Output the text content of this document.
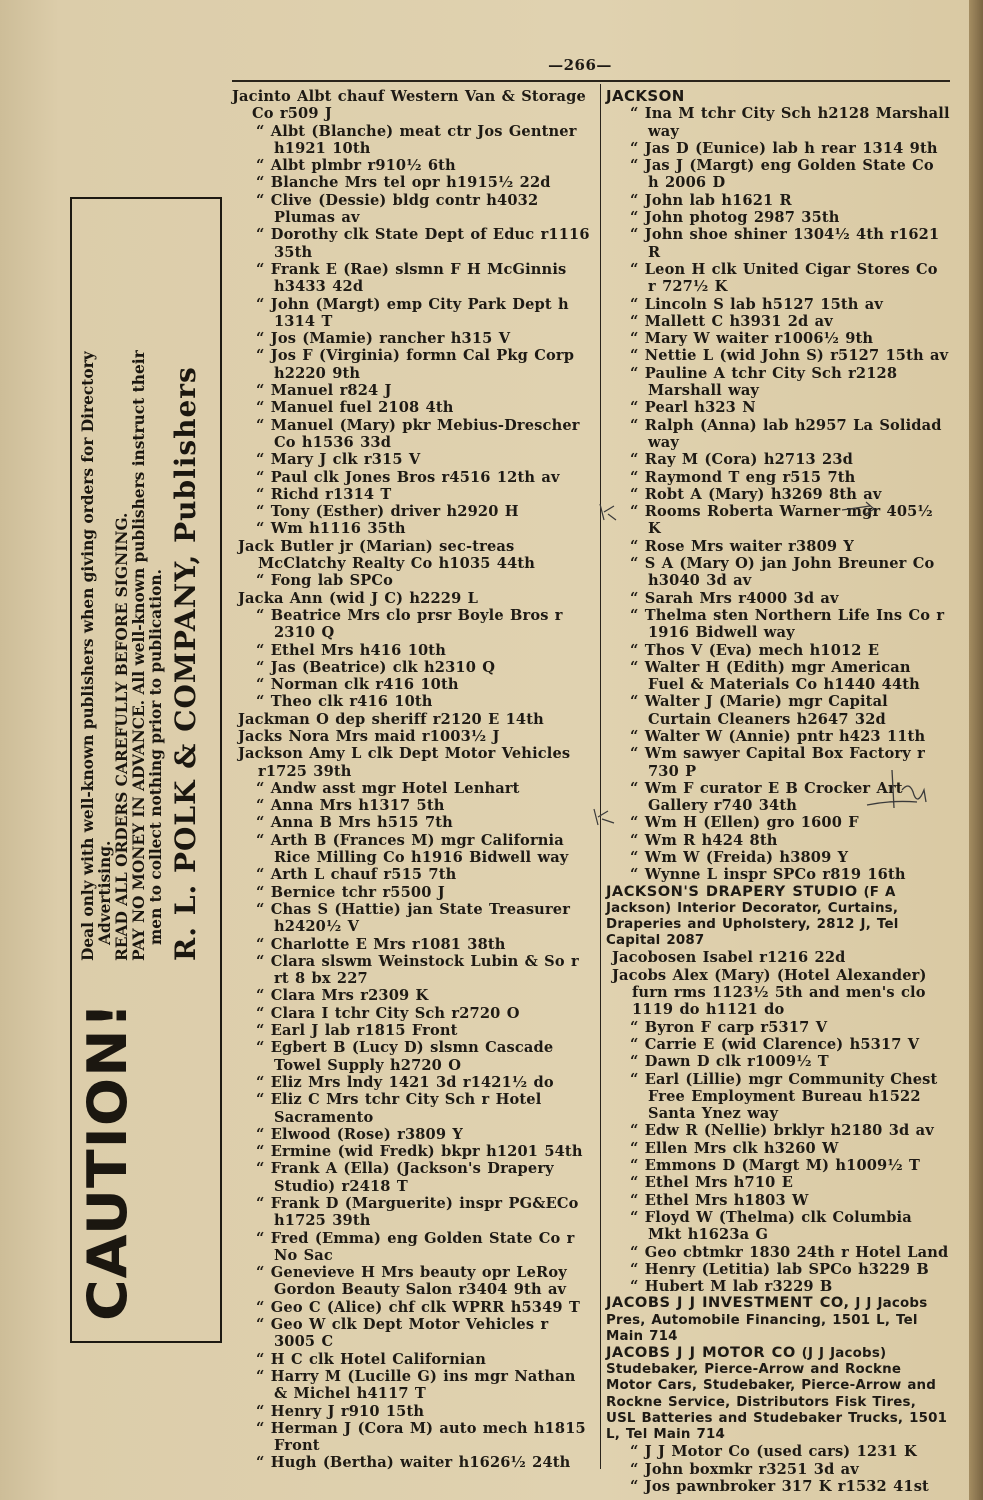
—266—
CAUTION!
Deal only with well-known publishers when giving orders for Directory Advertising. READ ALL ORDERS CAREFULLY BEFORE SIGNING. PAY NO MONEY IN ADVANCE. All well-known publishers instruct their men to collect nothing prior to publication. R. L. POLK & COMPANY, Publishers
Jacinto Albt chauf Western Van & Storage Co r509 J
“ Albt (Blanche) meat ctr Jos Gentner h1921 10th
“ Albt plmbr r910½ 6th
“ Blanche Mrs tel opr h1915½ 22d
“ Clive (Dessie) bldg contr h4032 Plumas av
“ Dorothy clk State Dept of Educ r1116 35th
“ Frank E (Rae) slsmn F H McGinnis h3433 42d
“ John (Margt) emp City Park Dept h 1314 T
“ Jos (Mamie) rancher h315 V
“ Jos F (Virginia) formn Cal Pkg Corp h2220 9th
“ Manuel r824 J
“ Manuel fuel 2108 4th
“ Manuel (Mary) pkr Mebius-Drescher Co h1536 33d
“ Mary J clk r315 V
“ Paul clk Jones Bros r4516 12th av
“ Richd r1314 T
“ Tony (Esther) driver h2920 H
“ Wm h1116 35th
Jack Butler jr (Marian) sec-treas McClatchy Realty Co h1035 44th
“ Fong lab SPCo
Jacka Ann (wid J C) h2229 L
“ Beatrice Mrs clo prsr Boyle Bros r 2310 Q
“ Ethel Mrs h416 10th
“ Jas (Beatrice) clk h2310 Q
“ Norman clk r416 10th
“ Theo clk r416 10th
Jackman O dep sheriff r2120 E 14th
Jacks Nora Mrs maid r1003½ J
Jackson Amy L clk Dept Motor Vehicles r1725 39th
“ Andw asst mgr Hotel Lenhart
“ Anna Mrs h1317 5th
“ Anna B Mrs h515 7th
“ Arth B (Frances M) mgr California Rice Milling Co h1916 Bidwell way
“ Arth L chauf r515 7th
“ Bernice tchr r5500 J
“ Chas S (Hattie) jan State Treasurer h2420½ V
“ Charlotte E Mrs r1081 38th
“ Clara slswm Weinstock Lubin & So r rt 8 bx 227
“ Clara Mrs r2309 K
“ Clara I tchr City Sch r2720 O
“ Earl J lab r1815 Front
“ Egbert B (Lucy D) slsmn Cascade Towel Supply h2720 O
“ Eliz Mrs lndy 1421 3d r1421½ do
“ Eliz C Mrs tchr City Sch r Hotel Sacramento
“ Elwood (Rose) r3809 Y
“ Ermine (wid Fredk) bkpr h1201 54th
“ Frank A (Ella) (Jackson's Drapery Studio) r2418 T
“ Frank D (Marguerite) inspr PG&ECo h1725 39th
“ Fred (Emma) eng Golden State Co r No Sac
“ Genevieve H Mrs beauty opr LeRoy Gordon Beauty Salon r3404 9th av
“ Geo C (Alice) chf clk WPRR h5349 T
“ Geo W clk Dept Motor Vehicles r 3005 C
“ H C clk Hotel Californian
“ Harry M (Lucille G) ins mgr Nathan & Michel h4117 T
“ Henry J r910 15th
“ Herman J (Cora M) auto mech h1815 Front
“ Hugh (Bertha) waiter h1626½ 24th
JACKSON
“ Ina M tchr City Sch h2128 Marshall way
“ Jas D (Eunice) lab h rear 1314 9th
“ Jas J (Margt) eng Golden State Co h 2006 D
“ John lab h1621 R
“ John photog 2987 35th
“ John shoe shiner 1304½ 4th r1621 R
“ Leon H clk United Cigar Stores Co r 727½ K
“ Lincoln S lab h5127 15th av
“ Mallett C h3931 2d av
“ Mary W waiter r1006½ 9th
“ Nettie L (wid John S) r5127 15th av
“ Pauline A tchr City Sch r2128 Marshall way
“ Pearl h323 N
“ Ralph (Anna) lab h2957 La Solidad way
“ Ray M (Cora) h2713 23d
“ Raymond T eng r515 7th
“ Robt A (Mary) h3269 8th av
“ Rooms Roberta Warner mgr 405½ K
“ Rose Mrs waiter r3809 Y
“ S A (Mary O) jan John Breuner Co h3040 3d av
“ Sarah Mrs r4000 3d av
“ Thelma sten Northern Life Ins Co r 1916 Bidwell way
“ Thos V (Eva) mech h1012 E
“ Walter H (Edith) mgr American Fuel & Materials Co h1440 44th
“ Walter J (Marie) mgr Capital Curtain Cleaners h2647 32d
“ Walter W (Annie) pntr h423 11th
“ Wm sawyer Capital Box Factory r 730 P
“ Wm F curator E B Crocker Art Gallery r740 34th
“ Wm H (Ellen) gro 1600 F
“ Wm R h424 8th
“ Wm W (Freida) h3809 Y
“ Wynne L inspr SPCo r819 16th
JACKSON'S DRAPERY STUDIO (F A Jackson) Interior Decorator, Curtains, Draperies and Upholstery, 2812 J, Tel Capital 2087
Jacobosen Isabel r1216 22d
Jacobs Alex (Mary) (Hotel Alexander) furn rms 1123½ 5th and men's clo 1119 do h1121 do
“ Byron F carp r5317 V
“ Carrie E (wid Clarence) h5317 V
“ Dawn D clk r1009½ T
“ Earl (Lillie) mgr Community Chest Free Employment Bureau h1522 Santa Ynez way
“ Edw R (Nellie) brklyr h2180 3d av
“ Ellen Mrs clk h3260 W
“ Emmons D (Margt M) h1009½ T
“ Ethel Mrs h710 E
“ Ethel Mrs h1803 W
“ Floyd W (Thelma) clk Columbia Mkt h1623a G
“ Geo cbtmkr 1830 24th r Hotel Land
“ Henry (Letitia) lab SPCo h3229 B
“ Hubert M lab r3229 B
JACOBS J J INVESTMENT CO, J J Jacobs Pres, Automobile Financing, 1501 L, Tel Main 714
JACOBS J J MOTOR CO (J J Jacobs) Studebaker, Pierce-Arrow and Rockne Motor Cars, Studebaker, Pierce-Arrow and Rockne Service, Distributors Fisk Tires, USL Batteries and Studebaker Trucks, 1501 L, Tel Main 714
“ J J Motor Co (used cars) 1231 K
“ John boxmkr r3251 3d av
“ Jos pawnbroker 317 K r1532 41st
